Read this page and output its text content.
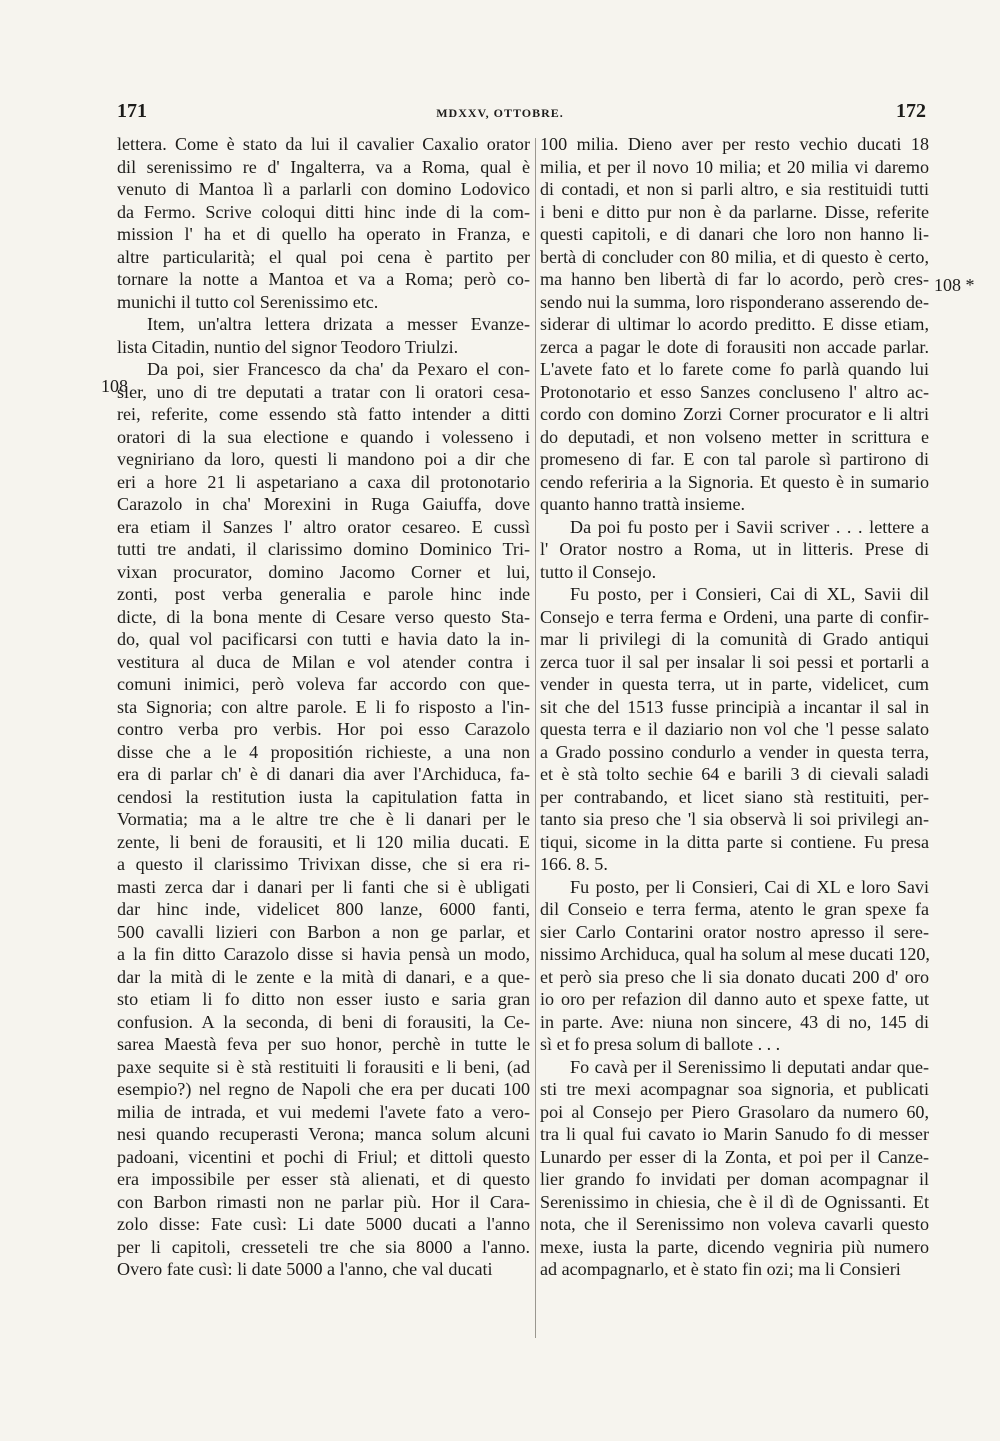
171	MDXXV, OTTOBRE.	172
108
108 *
lettera. Come è stato da lui il cavalier Caxalio orator
dil serenissimo re d' Ingalterra, va a Roma, qual è
venuto di Mantoa lì a parlarli con domino Lodovico
da Fermo. Scrive coloqui ditti hinc inde di la com-
mission l' ha et di quello ha operato in Franza, e
altre particularità; el qual poi cena è partito per
tornare la notte a Mantoa et va a Roma; però co-
munichi il tutto col Serenissimo etc.
Item, un'altra lettera drizata a messer Evanze-
lista Citadin, nuntio del signor Teodoro Triulzi.
Da poi, sier Francesco da cha' da Pexaro el con-
sier, uno di tre deputati a tratar con li oratori cesa-
rei, referite, come essendo stà fatto intender a ditti
oratori di la sua electione e quando i volesseno i
vegniriano da loro, questi li mandono poi a dir che
eri a hore 21 li aspetariano a caxa dil protonotario
Carazolo in cha' Morexini in Ruga Gaiuffa, dove
era etiam il Sanzes l' altro orator cesareo. E cussì
tutti tre andati, il clarissimo domino Dominico Tri-
vixan procurator, domino Jacomo Corner et lui,
zonti, post verba generalia e parole hinc inde
dicte, di la bona mente di Cesare verso questo Sta-
do, qual vol pacificarsi con tutti e havia dato la in-
vestitura al duca de Milan e vol atender contra i
comuni inimici, però voleva far accordo con que-
sta Signoria; con altre parole. E li fo risposto a l'in-
contro verba pro verbis. Hor poi esso Carazolo
disse che a le 4 propositión richieste, a una non
era di parlar ch' è di danari dia aver l'Archiduca, fa-
cendosi la restitution iusta la capitulation fatta in
Vormatia; ma a le altre tre che è li danari per le
zente, li beni de forausiti, et li 120 milia ducati. E
a questo il clarissimo Trivixan disse, che si era ri-
masti zerca dar i danari per li fanti che si è ubligati
dar hinc inde, videlicet 800 lanze, 6000 fanti,
500 cavalli lizieri con Barbon a non ge parlar, et
a la fin ditto Carazolo disse si havia pensà un modo,
dar la mità di le zente e la mità di danari, e a que-
sto etiam li fo ditto non esser iusto e saria gran
confusion. A la seconda, di beni di forausiti, la Ce-
sarea Maestà feva per suo honor, perchè in tutte le
paxe sequite si è stà restituiti li forausiti e li beni, (ad
esempio?) nel regno de Napoli che era per ducati 100
milia de intrada, et vui medemi l'avete fato a vero-
nesi quando recuperasti Verona; manca solum alcuni
padoani, vicentini et pochi di Friul; et dittoli questo
era impossibile per esser stà alienati, et di questo
con Barbon rimasti non ne parlar più. Hor il Cara-
zolo disse: Fate cusì: Li date 5000 ducati a l'anno
per li capitoli, cresseteli tre che sia 8000 a l'anno.
Overo fate cusì: li date 5000 a l'anno, che val ducati
100 milia. Dieno aver per resto vechio ducati 18
milia, et per il novo 10 milia; et 20 milia vi daremo
di contadi, et non si parli altro, e sia restituidi tutti
i beni e ditto pur non è da parlarne. Disse, referite
questi capitoli, e di danari che loro non hanno li-
bertà di concluder con 80 milia, et di questo è certo,
ma hanno ben libertà di far lo acordo, però cres-
sendo nui la summa, loro risponderano asserendo de-
siderar di ultimar lo acordo preditto. E disse etiam,
zerca a pagar le dote di forausiti non accade parlar.
L'avete fato et lo farete come fo parlà quando lui
Protonotario et esso Sanzes concluseno l' altro ac-
cordo con domino Zorzi Corner procurator e li altri
do deputadi, et non volseno metter in scrittura e
promeseno di far. E con tal parole sì partirono di
cendo referiria a la Signoria. Et questo è in sumario
quanto hanno trattà insieme.
Da poi fu posto per i Savii scriver . . . lettere a
l' Orator nostro a Roma, ut in litteris. Prese di
tutto il Consejo.
Fu posto, per i Consieri, Cai di XL, Savii dil
Consejo e terra ferma e Ordeni, una parte di confir-
mar li privilegi di la comunità di Grado antiqui
zerca tuor il sal per insalar li soi pessi et portarli a
vender in questa terra, ut in parte, videlicet, cum
sit che del 1513 fusse principià a incantar il sal in
questa terra e il daziario non vol che 'l pesse salato
a Grado possino condurlo a vender in questa terra,
et è stà tolto sechie 64 e barili 3 di cievali saladi
per contrabando, et licet siano stà restituiti, per-
tanto sia preso che 'l sia observà li soi privilegi an-
tiqui, sicome in la ditta parte si contiene. Fu presa
166. 8. 5.
Fu posto, per li Consieri, Cai di XL e loro Savi
dil Conseio e terra ferma, atento le gran spexe fa
sier Carlo Contarini orator nostro apresso il sere-
nissimo Archiduca, qual ha solum al mese ducati 120,
et però sia preso che li sia donato ducati 200 d' oro
io oro per refazion dil danno auto et spexe fatte, ut
in parte. Ave: niuna non sincere, 43 di no, 145 di
sì et fo presa solum di ballote . . .
Fo cavà per il Serenissimo li deputati andar que-
sti tre mexi acompagnar soa signoria, et publicati
poi al Consejo per Piero Grasolaro da numero 60,
tra li qual fui cavato io Marin Sanudo fo di messer
Lunardo per esser di la Zonta, et poi per il Canze-
lier grando fo invidati per doman acompagnar il
Serenissimo in chiesia, che è il dì de Ognissanti. Et
nota, che il Serenissimo non voleva cavarli questo
mexe, iusta la parte, dicendo vegniria più numero
ad acompagnarlo, et è stato fin ozi; ma li Consieri
